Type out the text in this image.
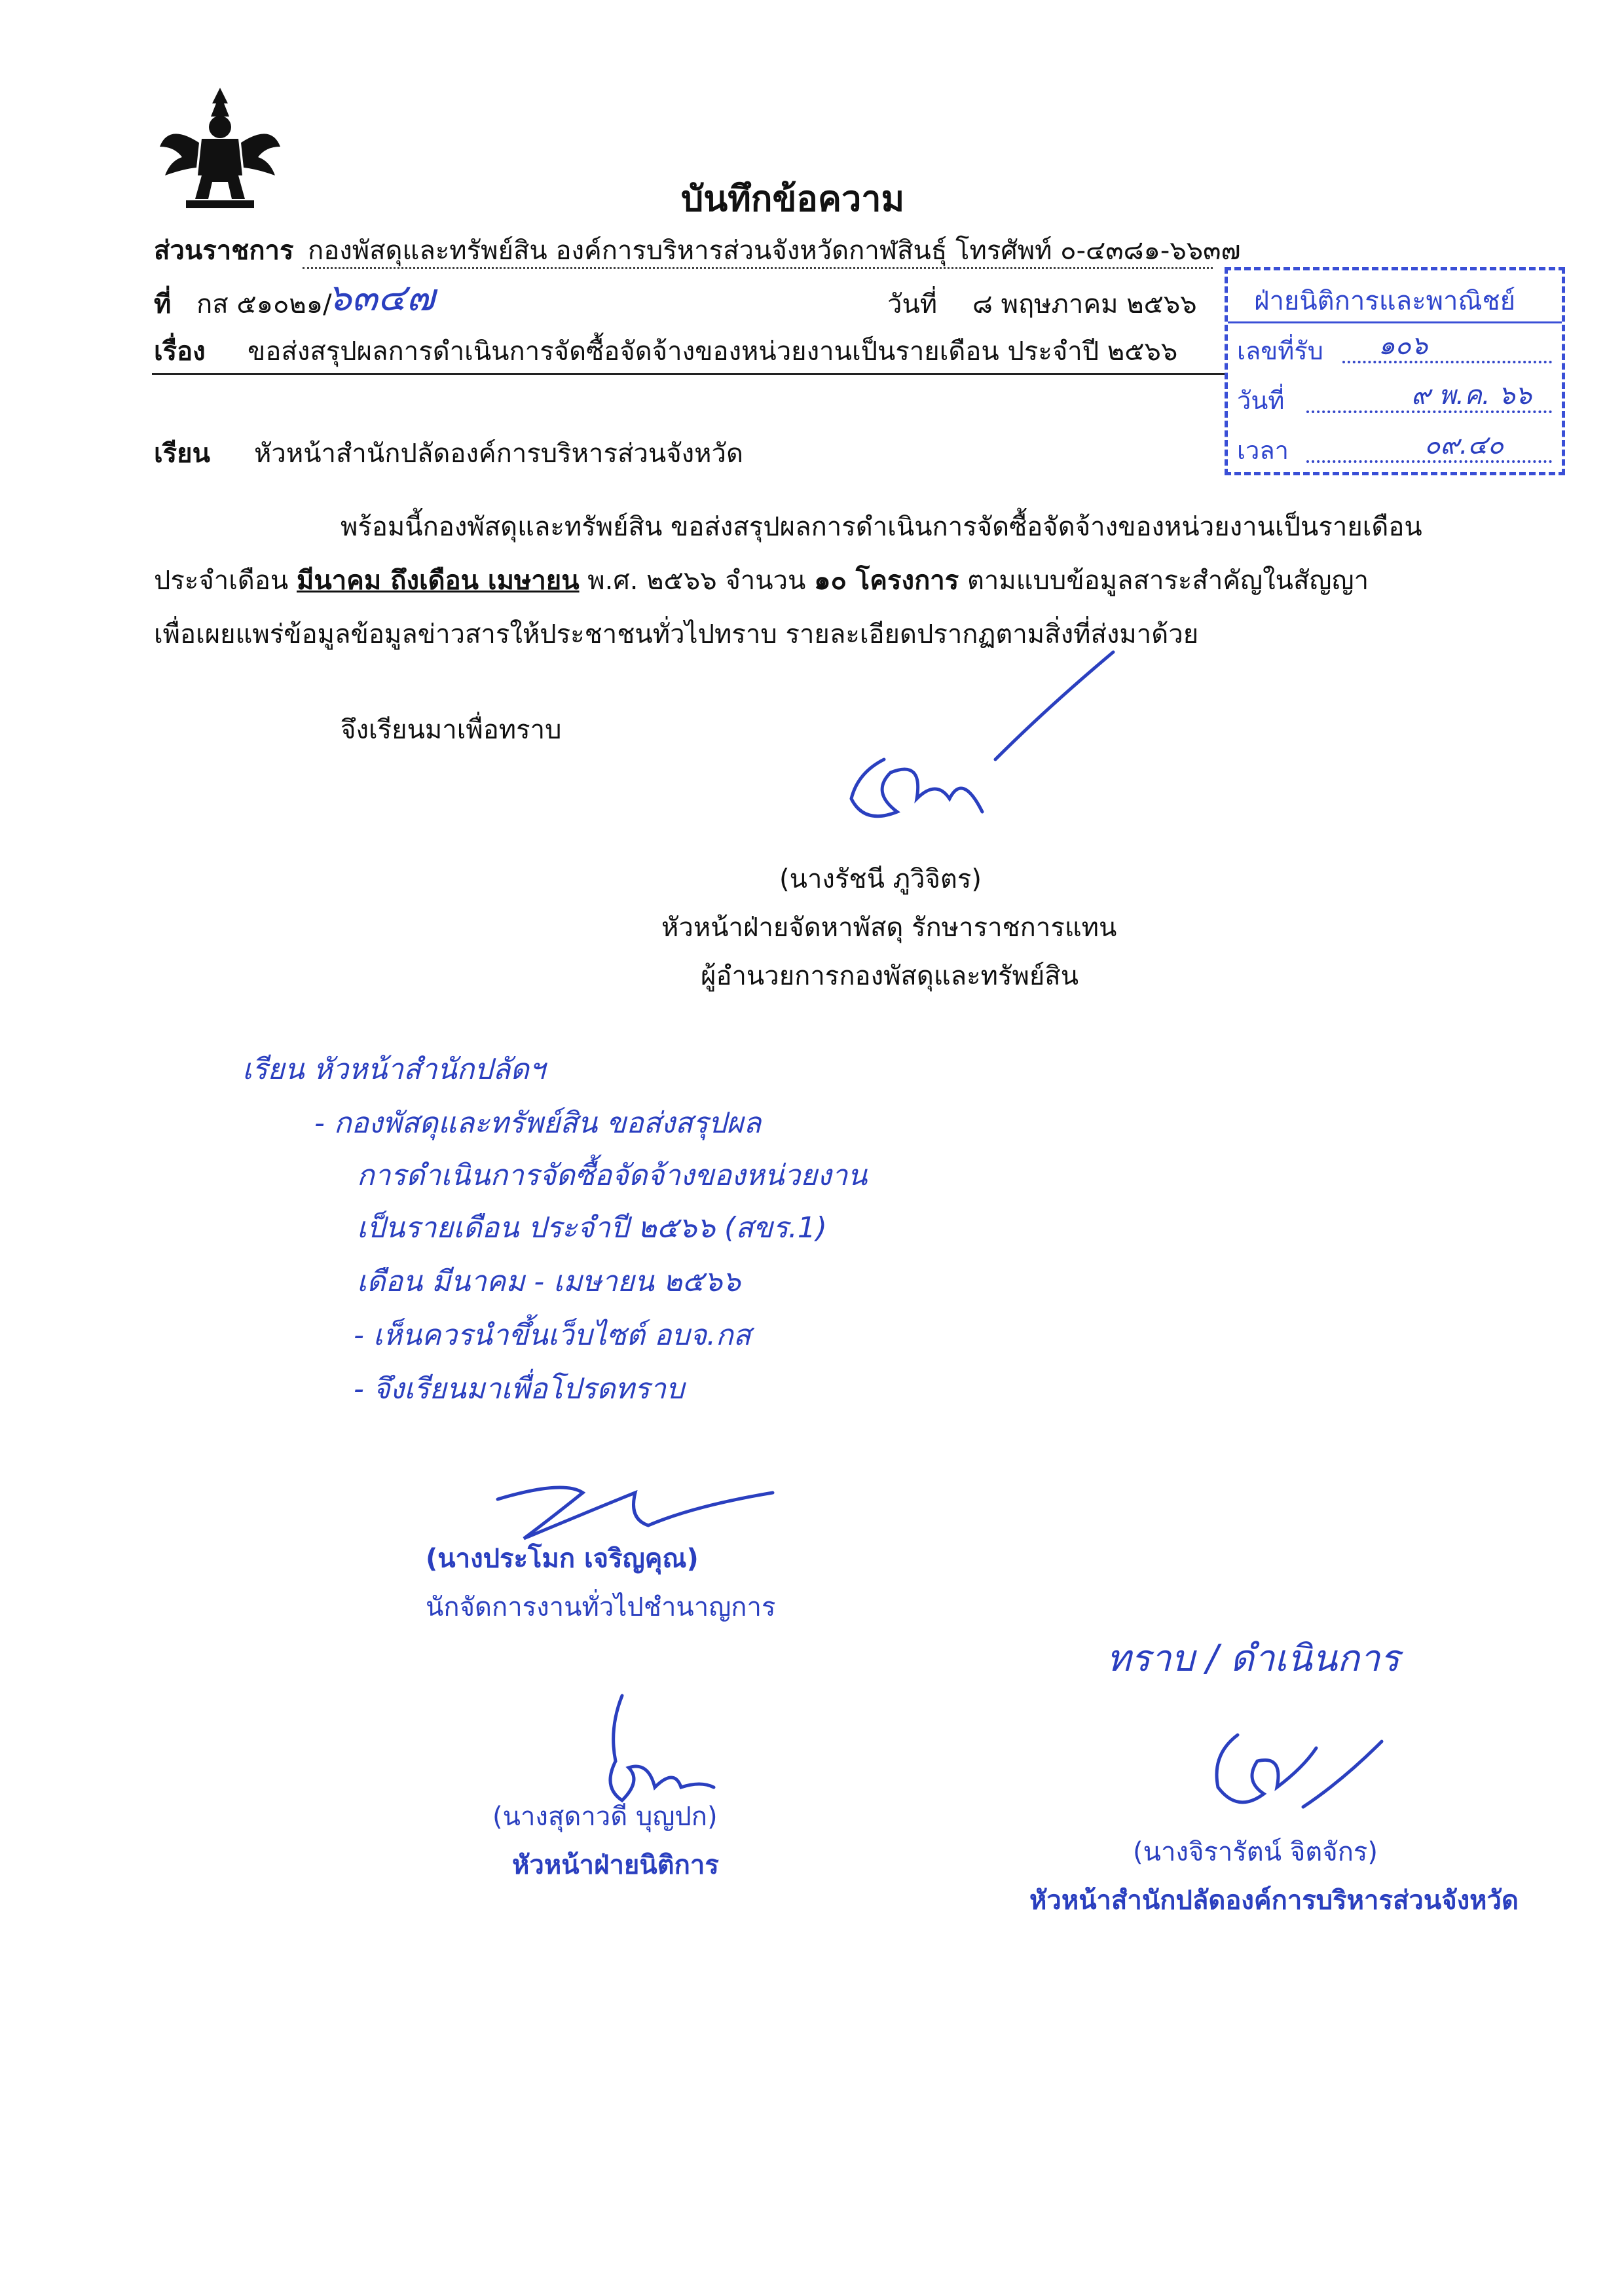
บันทึกข้อความ
ส่วนราชการ กองพัสดุและทรัพย์สิน องค์การบริหารส่วนจังหวัดกาฬสินธุ์ โทรศัพท์ ๐-๔๓๘๑-๖๖๓๗
ที่ กส ๕๑๐๒๑/
๖๓๔๗	วันที่ ๘ พฤษภาคม ๒๕๖๖
เรื่อง ขอส่งสรุปผลการดำเนินการจัดซื้อจัดจ้างของหน่วยงานเป็นรายเดือน ประจำปี ๒๕๖๖
ฝ่ายนิติการและพาณิชย์
เลขที่รับ ๑๐๖
วันที่	๙ พ.ค. ๖๖
เวลา	๐๙.๔๐
เรียน หัวหน้าสำนักปลัดองค์การบริหารส่วนจังหวัด
พร้อมนี้กองพัสดุและทรัพย์สิน ขอส่งสรุปผลการดำเนินการจัดซื้อจัดจ้างของหน่วยงานเป็นรายเดือน
ประจำเดือน มีนาคม ถึงเดือน เมษายน พ.ศ. ๒๕๖๖ จำนวน ๑๐ โครงการ ตามแบบข้อมูลสาระสำคัญในสัญญา
เพื่อเผยแพร่ข้อมูลข้อมูลข่าวสารให้ประชาชนทั่วไปทราบ รายละเอียดปรากฏตามสิ่งที่ส่งมาด้วย
จึงเรียนมาเพื่อทราบ
(นางรัชนี ภูวิจิตร)
หัวหน้าฝ่ายจัดหาพัสดุ รักษาราชการแทน
ผู้อำนวยการกองพัสดุและทรัพย์สิน
เรียน หัวหน้าสำนักปลัดฯ
- กองพัสดุและทรัพย์สิน ขอส่งสรุปผล
การดำเนินการจัดซื้อจัดจ้างของหน่วยงาน
เป็นรายเดือน ประจำปี ๒๕๖๖ (สขร.1)
เดือน มีนาคม - เมษายน ๒๕๖๖
- เห็นควรนำขึ้นเว็บไซต์ อบจ.กส
- จึงเรียนมาเพื่อโปรดทราบ
(นางประโมก เจริญคุณ)
นักจัดการงานทั่วไปชำนาญการ
(นางสุดาวดี บุญปก)
หัวหน้าฝ่ายนิติการ
ทราบ / ดำเนินการ
(นางจิรารัตน์ จิตจักร)
หัวหน้าสำนักปลัดองค์การบริหารส่วนจังหวัด
